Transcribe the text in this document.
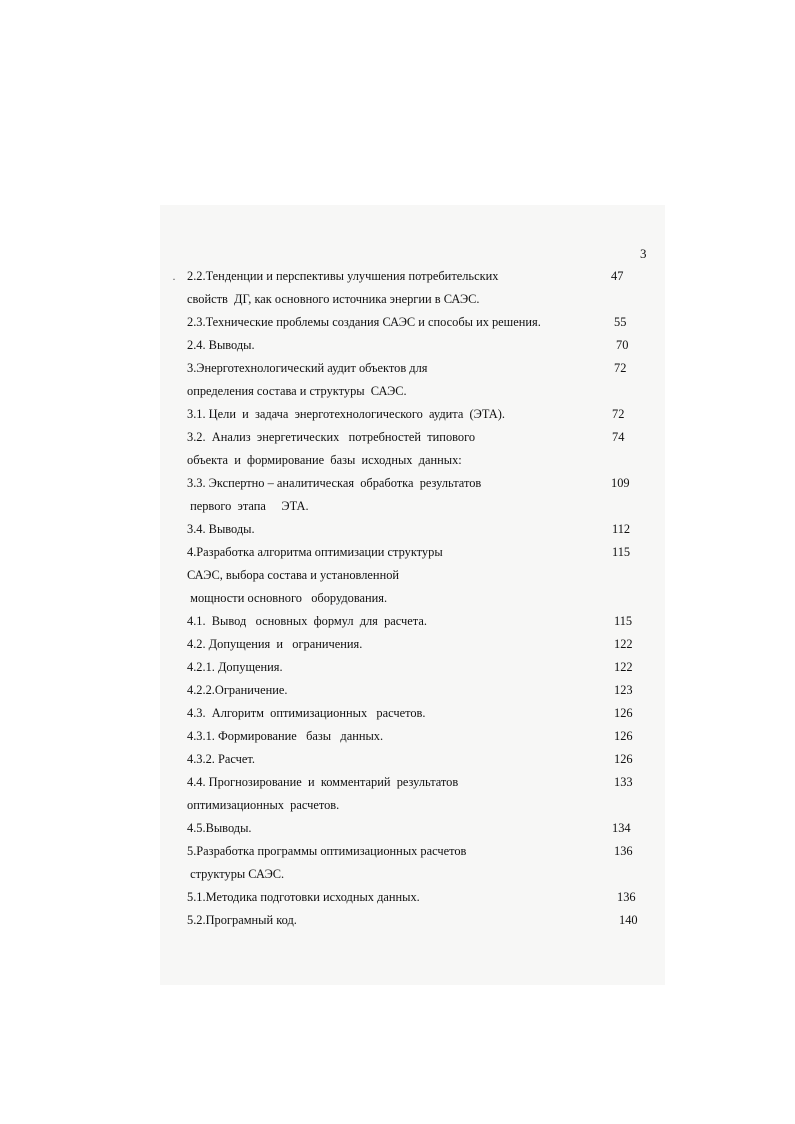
3
· 2.2.Тенденции и перспективы улучшения потребительских	47
свойств  ДГ, как основного источника энергии в САЭС.
2.3.Технические проблемы создания САЭС и способы их решения.	55
2.4. Выводы.	70
3.Энерготехнологический аудит объектов для	72
определения состава и структуры  САЭС.
3.1. Цели  и  задача  энерготехнологического  аудита  (ЭТА).	72
3.2.  Анализ  энергетических   потребностей  типового	74
объекта  и  формирование  базы  исходных  данных:
3.3. Экспертно – аналитическая  обработка  результатов	109
первого  этапа     ЭТА.
3.4. Выводы.	112
4.Разработка алгоритма оптимизации структуры	115
САЭС, выбора состава и установленной
мощности основного   оборудования.
4.1.  Вывод   основных  формул  для  расчета.	115
4.2. Допущения  и   ограничения.	122
4.2.1. Допущения.	122
4.2.2.Ограничение.	123
4.3.  Алгоритм  оптимизационных   расчетов.	126
4.3.1. Формирование   базы   данных.	126
4.3.2. Расчет.	126
4.4. Прогнозирование  и  комментарий  результатов	133
оптимизационных  расчетов.
4.5.Выводы.	134
5.Разработка программы оптимизационных расчетов	136
структуры САЭС.
5.1.Методика подготовки исходных данных.	136
5.2.Програмный код.	140
